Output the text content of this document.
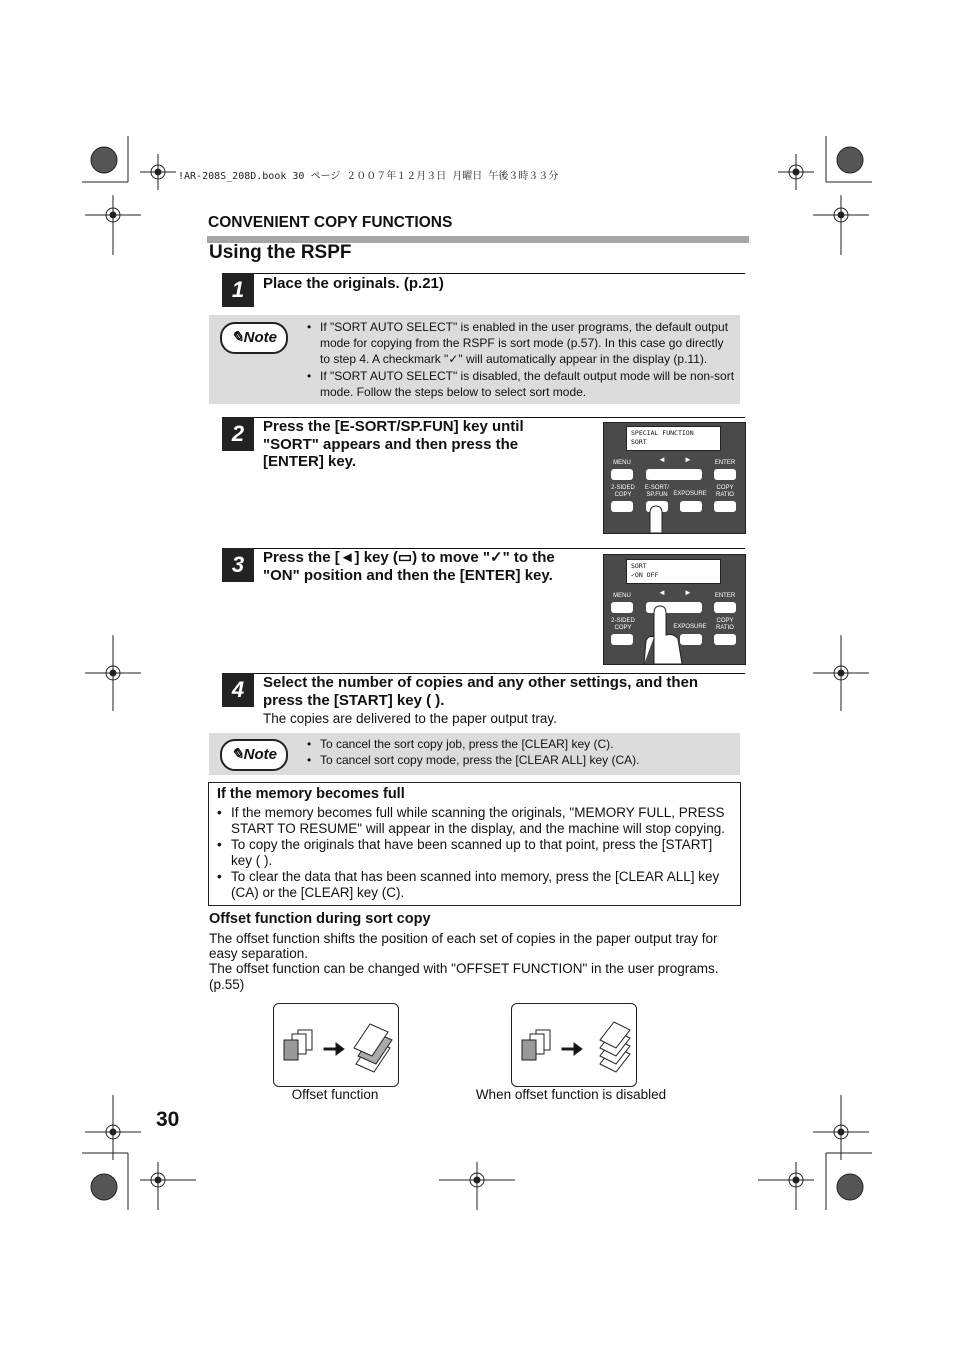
!AR-208S_208D.book 30 ページ ２００７年１２月３日 月曜日 午後３時３３分
CONVENIENT COPY FUNCTIONS
Using the RSPF
1	Place the originals. (p.21)
✎Note
• If "SORT AUTO SELECT" is enabled in the user programs, the default output mode for copying from the RSPF is sort mode (p.57). In this case go directly to step 4. A checkmark "✓" will automatically appear in the display (p.11).
• If "SORT AUTO SELECT" is disabled, the default output mode will be non-sort mode. Follow the steps below to select sort mode.
2	Press the [E-SORT/SP.FUN] key until "SORT" appears and then press the [ENTER] key.
SPECIAL FUNCTION
SORT
MENU	ENTER
◄	►
2-SIDED COPY
E-SORT/ SP.FUN EXPOSURE
COPY RATIO
3	Press the [◄] key (▭) to move "✓" to the "ON" position and then the [ENTER] key.
SORT
✓ON OFF
MENU	ENTER
◄	►
2-SIDED COPY	EXPOSURE
COPY RATIO
4	Select the number of copies and any other settings, and then press the [START] key ( ).
The copies are delivered to the paper output tray.
✎Note
• To cancel the sort copy job, press the [CLEAR] key (C).
• To cancel sort copy mode, press the [CLEAR ALL] key (CA).
If the memory becomes full
• If the memory becomes full while scanning the originals, "MEMORY FULL, PRESS START TO RESUME" will appear in the display, and the machine will stop copying.
• To copy the originals that have been scanned up to that point, press the [START] key ( ).
• To clear the data that has been scanned into memory, press the [CLEAR ALL] key (CA) or the [CLEAR] key (C).
Offset function during sort copy
The offset function shifts the position of each set of copies in the paper output tray for easy separation.
The offset function can be changed with "OFFSET FUNCTION" in the user programs. (p.55)
Offset function	When offset function is disabled
30
